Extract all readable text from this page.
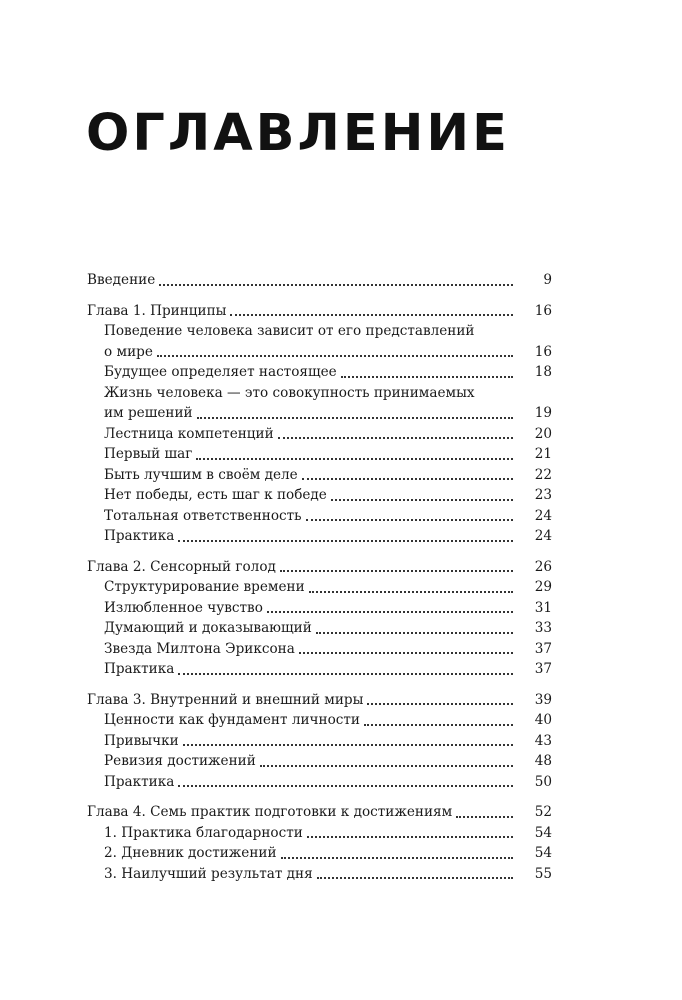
ОГЛАВЛЕНИЕ
Введение	9
Глава 1. Принципы	16
Поведение человека зависит от его представлений
о мире	16
Будущее определяет настоящее	18
Жизнь человека — это совокупность принимаемых
им решений	19
Лестница компетенций	20
Первый шаг	21
Быть лучшим в своём деле	22
Нет победы, есть шаг к победе	23
Тотальная ответственность	24
Практика	24
Глава 2. Сенсорный голод	26
Структурирование времени	29
Излюбленное чувство	31
Думающий и доказывающий	33
Звезда Милтона Эриксона	37
Практика	37
Глава 3. Внутренний и внешний миры	39
Ценности как фундамент личности	40
Привычки	43
Ревизия достижений	48
Практика	50
Глава 4. Семь практик подготовки к достижениям	52
1. Практика благодарности	54
2. Дневник достижений	54
3. Наилучший результат дня	55
